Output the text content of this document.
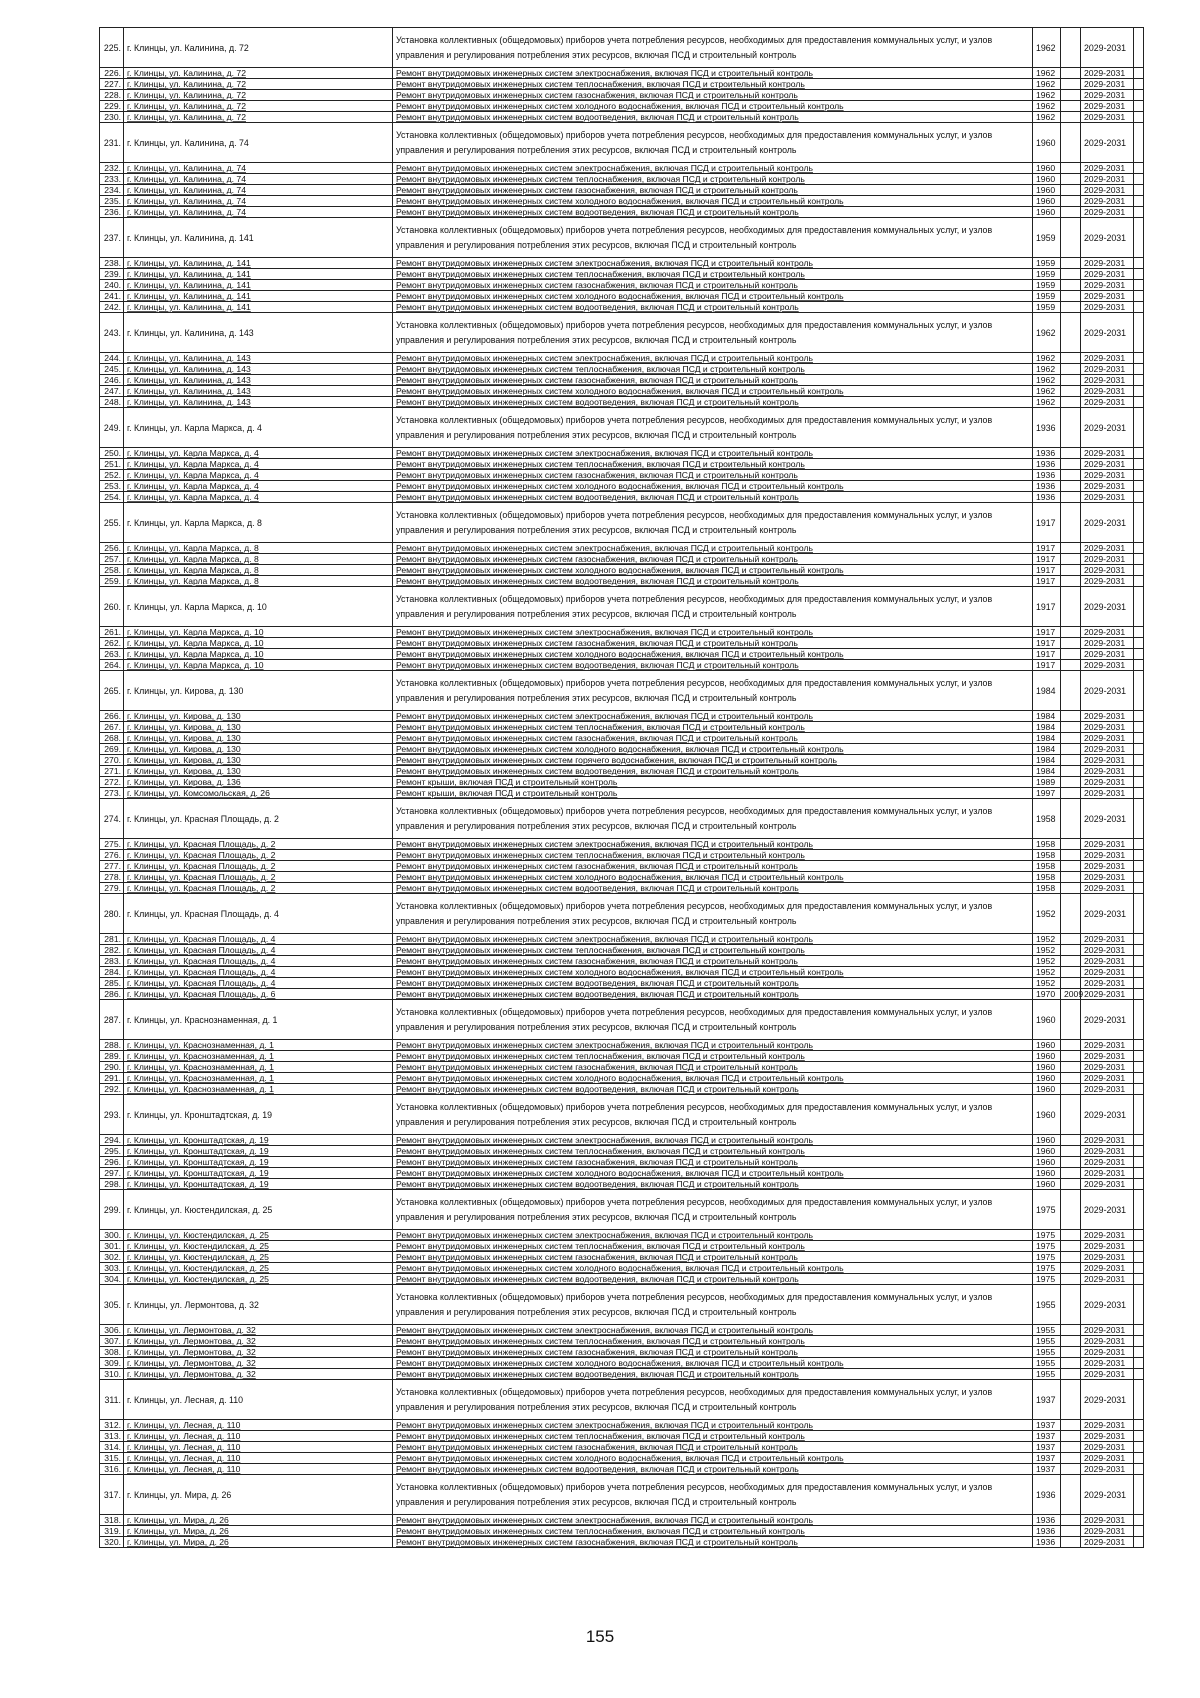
225.	г. Клинцы, ул. Калинина, д. 72	Установка коллективных (общедомовых) приборов учета потребления ресурсов, необходимых для предоставления коммунальных услуг, и узлов управления и регулирования потребления этих ресурсов, включая ПСД и строительный контроль	1962		2029-2031	
226.	г. Клинцы, ул. Калинина, д. 72	Ремонт внутридомовых инженерных систем электроснабжения, включая ПСД и строительный контроль	1962		2029-2031	
227.	г. Клинцы, ул. Калинина, д. 72	Ремонт внутридомовых инженерных систем теплоснабжения, включая ПСД и строительный контроль	1962		2029-2031	
228.	г. Клинцы, ул. Калинина, д. 72	Ремонт внутридомовых инженерных систем газоснабжения, включая ПСД и строительный контроль	1962		2029-2031	
229.	г. Клинцы, ул. Калинина, д. 72	Ремонт внутридомовых инженерных систем холодного водоснабжения, включая ПСД и строительный контроль	1962		2029-2031	
230.	г. Клинцы, ул. Калинина, д. 72	Ремонт внутридомовых инженерных систем водоотведения, включая ПСД и строительный контроль	1962		2029-2031	
231.	г. Клинцы, ул. Калинина, д. 74	Установка коллективных (общедомовых) приборов учета потребления ресурсов, необходимых для предоставления коммунальных услуг, и узлов управления и регулирования потребления этих ресурсов, включая ПСД и строительный контроль	1960		2029-2031	
232.	г. Клинцы, ул. Калинина, д. 74	Ремонт внутридомовых инженерных систем электроснабжения, включая ПСД и строительный контроль	1960		2029-2031	
233.	г. Клинцы, ул. Калинина, д. 74	Ремонт внутридомовых инженерных систем теплоснабжения, включая ПСД и строительный контроль	1960		2029-2031	
234.	г. Клинцы, ул. Калинина, д. 74	Ремонт внутридомовых инженерных систем газоснабжения, включая ПСД и строительный контроль	1960		2029-2031	
235.	г. Клинцы, ул. Калинина, д. 74	Ремонт внутридомовых инженерных систем холодного водоснабжения, включая ПСД и строительный контроль	1960		2029-2031	
236.	г. Клинцы, ул. Калинина, д. 74	Ремонт внутридомовых инженерных систем водоотведения, включая ПСД и строительный контроль	1960		2029-2031	
237.	г. Клинцы, ул. Калинина, д. 141	Установка коллективных (общедомовых) приборов учета потребления ресурсов, необходимых для предоставления коммунальных услуг, и узлов управления и регулирования потребления этих ресурсов, включая ПСД и строительный контроль	1959		2029-2031	
238.	г. Клинцы, ул. Калинина, д. 141	Ремонт внутридомовых инженерных систем электроснабжения, включая ПСД и строительный контроль	1959		2029-2031	
239.	г. Клинцы, ул. Калинина, д. 141	Ремонт внутридомовых инженерных систем теплоснабжения, включая ПСД и строительный контроль	1959		2029-2031	
240.	г. Клинцы, ул. Калинина, д. 141	Ремонт внутридомовых инженерных систем газоснабжения, включая ПСД и строительный контроль	1959		2029-2031	
241.	г. Клинцы, ул. Калинина, д. 141	Ремонт внутридомовых инженерных систем холодного водоснабжения, включая ПСД и строительный контроль	1959		2029-2031	
242.	г. Клинцы, ул. Калинина, д. 141	Ремонт внутридомовых инженерных систем водоотведения, включая ПСД и строительный контроль	1959		2029-2031	
243.	г. Клинцы, ул. Калинина, д. 143	Установка коллективных (общедомовых) приборов учета потребления ресурсов, необходимых для предоставления коммунальных услуг, и узлов управления и регулирования потребления этих ресурсов, включая ПСД и строительный контроль	1962		2029-2031	
244.	г. Клинцы, ул. Калинина, д. 143	Ремонт внутридомовых инженерных систем электроснабжения, включая ПСД и строительный контроль	1962		2029-2031	
245.	г. Клинцы, ул. Калинина, д. 143	Ремонт внутридомовых инженерных систем теплоснабжения, включая ПСД и строительный контроль	1962		2029-2031	
246.	г. Клинцы, ул. Калинина, д. 143	Ремонт внутридомовых инженерных систем газоснабжения, включая ПСД и строительный контроль	1962		2029-2031	
247.	г. Клинцы, ул. Калинина, д. 143	Ремонт внутридомовых инженерных систем холодного водоснабжения, включая ПСД и строительный контроль	1962		2029-2031	
248.	г. Клинцы, ул. Калинина, д. 143	Ремонт внутридомовых инженерных систем водоотведения, включая ПСД и строительный контроль	1962		2029-2031	
249.	г. Клинцы, ул. Карла Маркса, д. 4	Установка коллективных (общедомовых) приборов учета потребления ресурсов, необходимых для предоставления коммунальных услуг, и узлов управления и регулирования потребления этих ресурсов, включая ПСД и строительный контроль	1936		2029-2031	
250.	г. Клинцы, ул. Карла Маркса, д. 4	Ремонт внутридомовых инженерных систем электроснабжения, включая ПСД и строительный контроль	1936		2029-2031	
251.	г. Клинцы, ул. Карла Маркса, д. 4	Ремонт внутридомовых инженерных систем теплоснабжения, включая ПСД и строительный контроль	1936		2029-2031	
252.	г. Клинцы, ул. Карла Маркса, д. 4	Ремонт внутридомовых инженерных систем газоснабжения, включая ПСД и строительный контроль	1936		2029-2031	
253.	г. Клинцы, ул. Карла Маркса, д. 4	Ремонт внутридомовых инженерных систем холодного водоснабжения, включая ПСД и строительный контроль	1936		2029-2031	
254.	г. Клинцы, ул. Карла Маркса, д. 4	Ремонт внутридомовых инженерных систем водоотведения, включая ПСД и строительный контроль	1936		2029-2031	
255.	г. Клинцы, ул. Карла Маркса, д. 8	Установка коллективных (общедомовых) приборов учета потребления ресурсов, необходимых для предоставления коммунальных услуг, и узлов управления и регулирования потребления этих ресурсов, включая ПСД и строительный контроль	1917		2029-2031	
256.	г. Клинцы, ул. Карла Маркса, д. 8	Ремонт внутридомовых инженерных систем электроснабжения, включая ПСД и строительный контроль	1917		2029-2031	
257.	г. Клинцы, ул. Карла Маркса, д. 8	Ремонт внутридомовых инженерных систем газоснабжения, включая ПСД и строительный контроль	1917		2029-2031	
258.	г. Клинцы, ул. Карла Маркса, д. 8	Ремонт внутридомовых инженерных систем холодного водоснабжения, включая ПСД и строительный контроль	1917		2029-2031	
259.	г. Клинцы, ул. Карла Маркса, д. 8	Ремонт внутридомовых инженерных систем водоотведения, включая ПСД и строительный контроль	1917		2029-2031	
260.	г. Клинцы, ул. Карла Маркса, д. 10	Установка коллективных (общедомовых) приборов учета потребления ресурсов, необходимых для предоставления коммунальных услуг, и узлов управления и регулирования потребления этих ресурсов, включая ПСД и строительный контроль	1917		2029-2031	
261.	г. Клинцы, ул. Карла Маркса, д. 10	Ремонт внутридомовых инженерных систем электроснабжения, включая ПСД и строительный контроль	1917		2029-2031	
262.	г. Клинцы, ул. Карла Маркса, д. 10	Ремонт внутридомовых инженерных систем газоснабжения, включая ПСД и строительный контроль	1917		2029-2031	
263.	г. Клинцы, ул. Карла Маркса, д. 10	Ремонт внутридомовых инженерных систем холодного водоснабжения, включая ПСД и строительный контроль	1917		2029-2031	
264.	г. Клинцы, ул. Карла Маркса, д. 10	Ремонт внутридомовых инженерных систем водоотведения, включая ПСД и строительный контроль	1917		2029-2031	
265.	г. Клинцы, ул. Кирова, д. 130	Установка коллективных (общедомовых) приборов учета потребления ресурсов, необходимых для предоставления коммунальных услуг, и узлов управления и регулирования потребления этих ресурсов, включая ПСД и строительный контроль	1984		2029-2031	
266.	г. Клинцы, ул. Кирова, д. 130	Ремонт внутридомовых инженерных систем электроснабжения, включая ПСД и строительный контроль	1984		2029-2031	
267.	г. Клинцы, ул. Кирова, д. 130	Ремонт внутридомовых инженерных систем теплоснабжения, включая ПСД и строительный контроль	1984		2029-2031	
268.	г. Клинцы, ул. Кирова, д. 130	Ремонт внутридомовых инженерных систем газоснабжения, включая ПСД и строительный контроль	1984		2029-2031	
269.	г. Клинцы, ул. Кирова, д. 130	Ремонт внутридомовых инженерных систем холодного водоснабжения, включая ПСД и строительный контроль	1984		2029-2031	
270.	г. Клинцы, ул. Кирова, д. 130	Ремонт внутридомовых инженерных систем горячего водоснабжения, включая ПСД и строительный контроль	1984		2029-2031	
271.	г. Клинцы, ул. Кирова, д. 130	Ремонт внутридомовых инженерных систем водоотведения, включая ПСД и строительный контроль	1984		2029-2031	
272.	г. Клинцы, ул. Кирова, д. 136	Ремонт крыши, включая ПСД и строительный контроль	1989		2029-2031	
273.	г. Клинцы, ул. Комсомольская, д. 26	Ремонт крыши, включая ПСД и строительный контроль	1997		2029-2031	
274.	г. Клинцы, ул. Красная Площадь, д. 2	Установка коллективных (общедомовых) приборов учета потребления ресурсов, необходимых для предоставления коммунальных услуг, и узлов управления и регулирования потребления этих ресурсов, включая ПСД и строительный контроль	1958		2029-2031	
275.	г. Клинцы, ул. Красная Площадь, д. 2	Ремонт внутридомовых инженерных систем электроснабжения, включая ПСД и строительный контроль	1958		2029-2031	
276.	г. Клинцы, ул. Красная Площадь, д. 2	Ремонт внутридомовых инженерных систем теплоснабжения, включая ПСД и строительный контроль	1958		2029-2031	
277.	г. Клинцы, ул. Красная Площадь, д. 2	Ремонт внутридомовых инженерных систем газоснабжения, включая ПСД и строительный контроль	1958		2029-2031	
278.	г. Клинцы, ул. Красная Площадь, д. 2	Ремонт внутридомовых инженерных систем холодного водоснабжения, включая ПСД и строительный контроль	1958		2029-2031	
279.	г. Клинцы, ул. Красная Площадь, д. 2	Ремонт внутридомовых инженерных систем водоотведения, включая ПСД и строительный контроль	1958		2029-2031	
280.	г. Клинцы, ул. Красная Площадь, д. 4	Установка коллективных (общедомовых) приборов учета потребления ресурсов, необходимых для предоставления коммунальных услуг, и узлов управления и регулирования потребления этих ресурсов, включая ПСД и строительный контроль	1952		2029-2031	
281.	г. Клинцы, ул. Красная Площадь, д. 4	Ремонт внутридомовых инженерных систем электроснабжения, включая ПСД и строительный контроль	1952		2029-2031	
282.	г. Клинцы, ул. Красная Площадь, д. 4	Ремонт внутридомовых инженерных систем теплоснабжения, включая ПСД и строительный контроль	1952		2029-2031	
283.	г. Клинцы, ул. Красная Площадь, д. 4	Ремонт внутридомовых инженерных систем газоснабжения, включая ПСД и строительный контроль	1952		2029-2031	
284.	г. Клинцы, ул. Красная Площадь, д. 4	Ремонт внутридомовых инженерных систем холодного водоснабжения, включая ПСД и строительный контроль	1952		2029-2031	
285.	г. Клинцы, ул. Красная Площадь, д. 4	Ремонт внутридомовых инженерных систем водоотведения, включая ПСД и строительный контроль	1952		2029-2031	
286.	г. Клинцы, ул. Красная Площадь, д. 6	Ремонт внутридомовых инженерных систем водоотведения, включая ПСД и строительный контроль	1970	2009	2029-2031	
287.	г. Клинцы, ул. Краснознаменная, д. 1	Установка коллективных (общедомовых) приборов учета потребления ресурсов, необходимых для предоставления коммунальных услуг, и узлов управления и регулирования потребления этих ресурсов, включая ПСД и строительный контроль	1960		2029-2031	
288.	г. Клинцы, ул. Краснознаменная, д. 1	Ремонт внутридомовых инженерных систем электроснабжения, включая ПСД и строительный контроль	1960		2029-2031	
289.	г. Клинцы, ул. Краснознаменная, д. 1	Ремонт внутридомовых инженерных систем теплоснабжения, включая ПСД и строительный контроль	1960		2029-2031	
290.	г. Клинцы, ул. Краснознаменная, д. 1	Ремонт внутридомовых инженерных систем газоснабжения, включая ПСД и строительный контроль	1960		2029-2031	
291.	г. Клинцы, ул. Краснознаменная, д. 1	Ремонт внутридомовых инженерных систем холодного водоснабжения, включая ПСД и строительный контроль	1960		2029-2031	
292.	г. Клинцы, ул. Краснознаменная, д. 1	Ремонт внутридомовых инженерных систем водоотведения, включая ПСД и строительный контроль	1960		2029-2031	
293.	г. Клинцы, ул. Кронштадтская, д. 19	Установка коллективных (общедомовых) приборов учета потребления ресурсов, необходимых для предоставления коммунальных услуг, и узлов управления и регулирования потребления этих ресурсов, включая ПСД и строительный контроль	1960		2029-2031	
294.	г. Клинцы, ул. Кронштадтская, д. 19	Ремонт внутридомовых инженерных систем электроснабжения, включая ПСД и строительный контроль	1960		2029-2031	
295.	г. Клинцы, ул. Кронштадтская, д. 19	Ремонт внутридомовых инженерных систем теплоснабжения, включая ПСД и строительный контроль	1960		2029-2031	
296.	г. Клинцы, ул. Кронштадтская, д. 19	Ремонт внутридомовых инженерных систем газоснабжения, включая ПСД и строительный контроль	1960		2029-2031	
297.	г. Клинцы, ул. Кронштадтская, д. 19	Ремонт внутридомовых инженерных систем холодного водоснабжения, включая ПСД и строительный контроль	1960		2029-2031	
298.	г. Клинцы, ул. Кронштадтская, д. 19	Ремонт внутридомовых инженерных систем водоотведения, включая ПСД и строительный контроль	1960		2029-2031	
299.	г. Клинцы, ул. Кюстендилская, д. 25	Установка коллективных (общедомовых) приборов учета потребления ресурсов, необходимых для предоставления коммунальных услуг, и узлов управления и регулирования потребления этих ресурсов, включая ПСД и строительный контроль	1975		2029-2031	
300.	г. Клинцы, ул. Кюстендилская, д. 25	Ремонт внутридомовых инженерных систем электроснабжения, включая ПСД и строительный контроль	1975		2029-2031	
301.	г. Клинцы, ул. Кюстендилская, д. 25	Ремонт внутридомовых инженерных систем теплоснабжения, включая ПСД и строительный контроль	1975		2029-2031	
302.	г. Клинцы, ул. Кюстендилская, д. 25	Ремонт внутридомовых инженерных систем газоснабжения, включая ПСД и строительный контроль	1975		2029-2031	
303.	г. Клинцы, ул. Кюстендилская, д. 25	Ремонт внутридомовых инженерных систем холодного водоснабжения, включая ПСД и строительный контроль	1975		2029-2031	
304.	г. Клинцы, ул. Кюстендилская, д. 25	Ремонт внутридомовых инженерных систем водоотведения, включая ПСД и строительный контроль	1975		2029-2031	
305.	г. Клинцы, ул. Лермонтова, д. 32	Установка коллективных (общедомовых) приборов учета потребления ресурсов, необходимых для предоставления коммунальных услуг, и узлов управления и регулирования потребления этих ресурсов, включая ПСД и строительный контроль	1955		2029-2031	
306.	г. Клинцы, ул. Лермонтова, д. 32	Ремонт внутридомовых инженерных систем электроснабжения, включая ПСД и строительный контроль	1955		2029-2031	
307.	г. Клинцы, ул. Лермонтова, д. 32	Ремонт внутридомовых инженерных систем теплоснабжения, включая ПСД и строительный контроль	1955		2029-2031	
308.	г. Клинцы, ул. Лермонтова, д. 32	Ремонт внутридомовых инженерных систем газоснабжения, включая ПСД и строительный контроль	1955		2029-2031	
309.	г. Клинцы, ул. Лермонтова, д. 32	Ремонт внутридомовых инженерных систем холодного водоснабжения, включая ПСД и строительный контроль	1955		2029-2031	
310.	г. Клинцы, ул. Лермонтова, д. 32	Ремонт внутридомовых инженерных систем водоотведения, включая ПСД и строительный контроль	1955		2029-2031	
311.	г. Клинцы, ул. Лесная, д. 110	Установка коллективных (общедомовых) приборов учета потребления ресурсов, необходимых для предоставления коммунальных услуг, и узлов управления и регулирования потребления этих ресурсов, включая ПСД и строительный контроль	1937		2029-2031	
312.	г. Клинцы, ул. Лесная, д. 110	Ремонт внутридомовых инженерных систем электроснабжения, включая ПСД и строительный контроль	1937		2029-2031	
313.	г. Клинцы, ул. Лесная, д. 110	Ремонт внутридомовых инженерных систем теплоснабжения, включая ПСД и строительный контроль	1937		2029-2031	
314.	г. Клинцы, ул. Лесная, д. 110	Ремонт внутридомовых инженерных систем газоснабжения, включая ПСД и строительный контроль	1937		2029-2031	
315.	г. Клинцы, ул. Лесная, д. 110	Ремонт внутридомовых инженерных систем холодного водоснабжения, включая ПСД и строительный контроль	1937		2029-2031	
316.	г. Клинцы, ул. Лесная, д. 110	Ремонт внутридомовых инженерных систем водоотведения, включая ПСД и строительный контроль	1937		2029-2031	
317.	г. Клинцы, ул. Мира, д. 26	Установка коллективных (общедомовых) приборов учета потребления ресурсов, необходимых для предоставления коммунальных услуг, и узлов управления и регулирования потребления этих ресурсов, включая ПСД и строительный контроль	1936		2029-2031	
318.	г. Клинцы, ул. Мира, д. 26	Ремонт внутридомовых инженерных систем электроснабжения, включая ПСД и строительный контроль	1936		2029-2031	
319.	г. Клинцы, ул. Мира, д. 26	Ремонт внутридомовых инженерных систем теплоснабжения, включая ПСД и строительный контроль	1936		2029-2031	
320.	г. Клинцы, ул. Мира, д. 26	Ремонт внутридомовых инженерных систем газоснабжения, включая ПСД и строительный контроль	1936		2029-2031	
155
